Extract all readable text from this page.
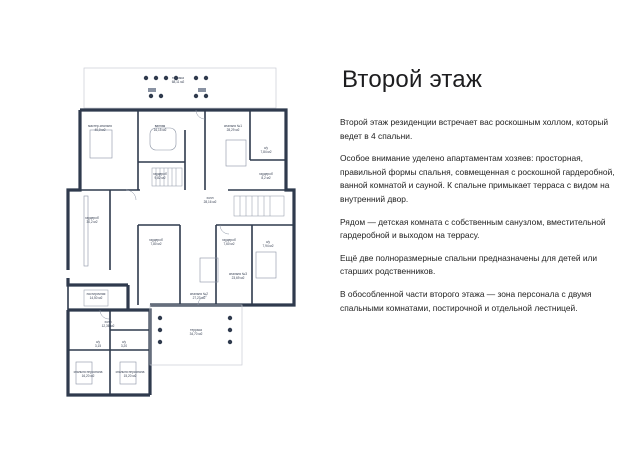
терраса
68,11 м2
мастер-спальня
40,0 м2
ванная
16,15 м2
спальня №1
28,29 м2
с/у
7,84 м2
гардероб
8,2 м2
холл
28,16 м2
гардероб
9,82 м2
гардероб
30,2 м2
гардероб
7,80 м2
гардероб
7,60 м2
спальня №2
27,23 м2
спальня №3
23,69 м2
с/у
7,94 м2
терраса
34,70 м2
постирочная
14,50 м2
холл
12,36 м2
спальня персонала
16,20 м2
спальня персонала
15,20 м2
с/у
3,15
с/у
3,20
Второй этаж

Второй этаж резиденции встречает вас роскошным холлом, который ведет в 4 спальни.

Особое внимание уделено апартаментам хозяев: просторная, правильной формы спальня, совмещенная с роскошной гардеробной, ванной комнатой и сауной. К спальне примыкает терраса с видом на внутренний двор.

Рядом — детская комната с собственным санузлом, вместительной гардеробной и выходом на террасу.

Ещё две полноразмерные спальни предназначены для детей или старших родственников.

В обособленной части второго этажа — зона персонала с двумя спальными комнатами, постирочной и отдельной лестницей.
